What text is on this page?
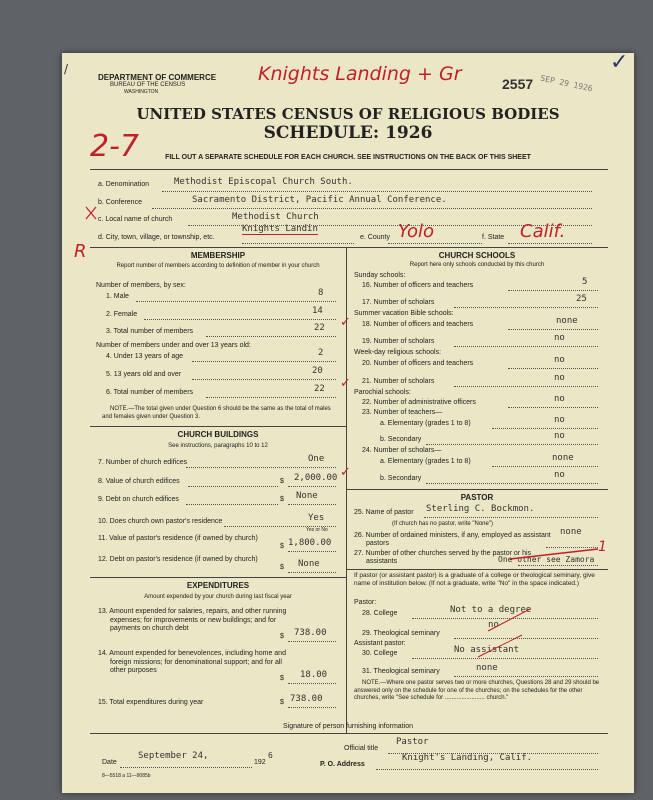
DEPARTMENT OF COMMERCE
BUREAU OF THE CENSUS
WASHINGTON
Knights Landing + Gr	2557 SEP 29 1926
2-7
R
UNITED STATES CENSUS OF RELIGIOUS BODIES
SCHEDULE: 1926
FILL OUT A SEPARATE SCHEDULE FOR EACH CHURCH. SEE INSTRUCTIONS ON THE BACK OF THIS SHEET
a. Denomination	Methodist Episcopal Church South.
b. Conference	Sacramento District, Pacific Annual Conference.
c. Local name of church	Methodist Church
d. City, town, village, or township, etc.
Knights Landin
e. County Yolo	f. State Calif.
MEMBERSHIP
Report number of members according to definition of member in your church
Number of members, by sex:
1. Male	8
2. Female	14
3. Total number of members	22 ✓
Number of members under and over 13 years old:
4. Under 13 years of age	2
5. 13 years old and over	20
6. Total number of members	22 ✓
NOTE.—The total given under Question 6 should be the same as the total of males and females given under Question 3.
CHURCH BUILDINGS
See instructions, paragraphs 10 to 12
7. Number of church edifices	One
8. Value of church edifices	$ 2,000.00 ✓
9. Debt on church edifices	$ None
10. Does church own pastor's residence	Yes
Yes or No
11. Value of pastor's residence (if owned by church)
$ 1,800.00
12. Debt on pastor's residence (if owned by church)
$ None
EXPENDITURES
Amount expended by your church during last fiscal year
13. Amount expended for salaries, repairs, and other running expenses; for improvements or new buildings; and for payments on church debt
$ 738.00
14. Amount expended for benevolences, including home and foreign missions; for denominational support; and for all other purposes
$ 18.00
15. Total expenditures during year	$ 738.00
CHURCH SCHOOLS
Report here only schools conducted by this church
Sunday schools:
16. Number of officers and teachers	5
17. Number of scholars	25
Summer vacation Bible schools:
18. Number of officers and teachers	none
19. Number of scholars	no
Week-day religious schools:
20. Number of officers and teachers	no
21. Number of scholars	no
Parochial schools:
22. Number of administrative officers	no
23. Number of teachers—
a. Elementary (grades 1 to 8)	no
b. Secondary	no
24. Number of scholars—
a. Elementary (grades 1 to 8)	none
b. Secondary	no
PASTOR
25. Name of pastor Sterling C. Bockmon.
(If church has no pastor, write "None")
26. Number of ordained ministers, if any, employed as assistant pastors
none
27. Number of other churches served by the pastor or his assistants	One other see Zamora
1
If pastor (or assistant pastor) is a graduate of a college or theological seminary, give name of institution below. (If not a graduate, write "No" in the space indicated.)
Pastor:
28. College	Not to a degree
29. Theological seminary
no
Assistant pastor:
30. College	No assistant
31. Theological seminary	none
NOTE.—Where one pastor serves two or more churches, Questions 28 and 29 should be answered only on the schedule for one of the churches; on the schedules for the other churches, write "See schedule for ........................ church."
Signature of person furnishing information
Official title
Pastor
Date
September 24,
192
6
P. O. Address
Knight's Landing, Calif.
8—5518 a 11—9085b
✓
/
